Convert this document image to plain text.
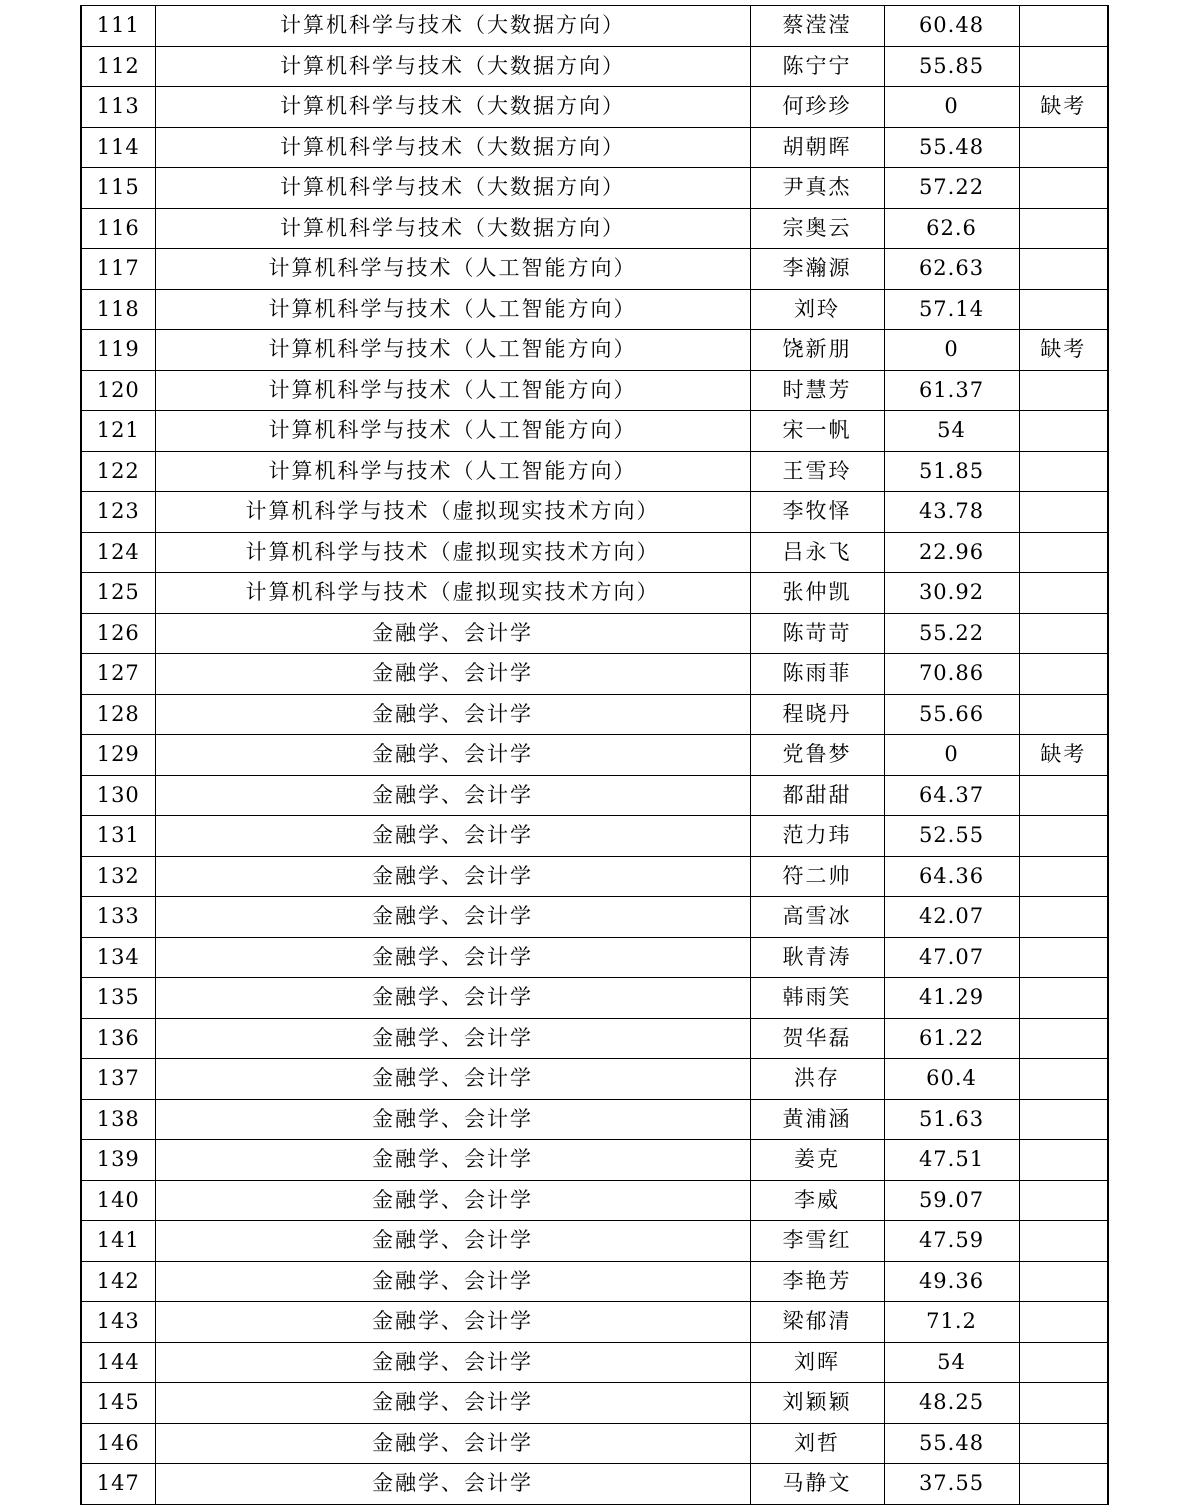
111	计算机科学与技术（大数据方向）	蔡滢滢	60.48	
112	计算机科学与技术（大数据方向）	陈宁宁	55.85	
113	计算机科学与技术（大数据方向）	何珍珍	0	缺考
114	计算机科学与技术（大数据方向）	胡朝晖	55.48	
115	计算机科学与技术（大数据方向）	尹真杰	57.22	
116	计算机科学与技术（大数据方向）	宗奥云	62.6	
117	计算机科学与技术（人工智能方向）	李瀚源	62.63	
118	计算机科学与技术（人工智能方向）	刘玲	57.14	
119	计算机科学与技术（人工智能方向）	饶新朋	0	缺考
120	计算机科学与技术（人工智能方向）	时慧芳	61.37	
121	计算机科学与技术（人工智能方向）	宋一帆	54	
122	计算机科学与技术（人工智能方向）	王雪玲	51.85	
123	计算机科学与技术（虚拟现实技术方向）	李牧怿	43.78	
124	计算机科学与技术（虚拟现实技术方向）	吕永飞	22.96	
125	计算机科学与技术（虚拟现实技术方向）	张仲凯	30.92	
126	金融学、会计学	陈苛苛	55.22	
127	金融学、会计学	陈雨菲	70.86	
128	金融学、会计学	程晓丹	55.66	
129	金融学、会计学	党鲁梦	0	缺考
130	金融学、会计学	都甜甜	64.37	
131	金融学、会计学	范力玮	52.55	
132	金融学、会计学	符二帅	64.36	
133	金融学、会计学	高雪冰	42.07	
134	金融学、会计学	耿青涛	47.07	
135	金融学、会计学	韩雨笑	41.29	
136	金融学、会计学	贺华磊	61.22	
137	金融学、会计学	洪存	60.4	
138	金融学、会计学	黄浦涵	51.63	
139	金融学、会计学	姜克	47.51	
140	金融学、会计学	李威	59.07	
141	金融学、会计学	李雪红	47.59	
142	金融学、会计学	李艳芳	49.36	
143	金融学、会计学	梁郁清	71.2	
144	金融学、会计学	刘晖	54	
145	金融学、会计学	刘颖颖	48.25	
146	金融学、会计学	刘哲	55.48	
147	金融学、会计学	马静文	37.55	
